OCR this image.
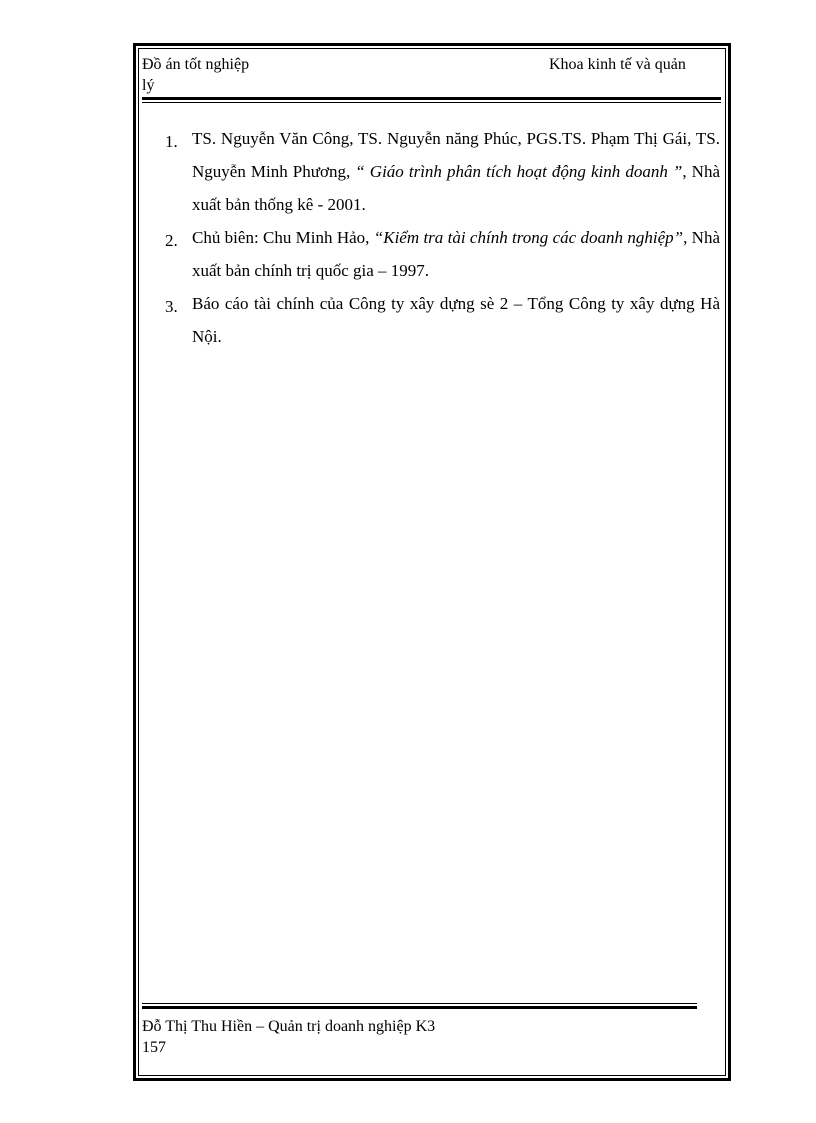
Đồ án tốt nghiệp
lý
Khoa kinh tế và quản
1. TS. Nguyễn Văn Công, TS. Nguyễn năng Phúc, PGS.TS. Phạm Thị Gái, TS. Nguyễn Minh Phương, “ Giáo trình phân tích hoạt động kinh doanh ”, Nhà xuất bản thống kê - 2001.
2. Chủ biên: Chu Minh Hảo, “Kiểm tra tài chính trong các doanh nghiệp”, Nhà xuất bản chính trị quốc gia – 1997.
3. Báo cáo tài chính của Công ty xây dựng sè 2 – Tổng Công ty xây dựng Hà Nội.
Đỗ Thị Thu Hiền – Quản trị doanh nghiệp K3
157
